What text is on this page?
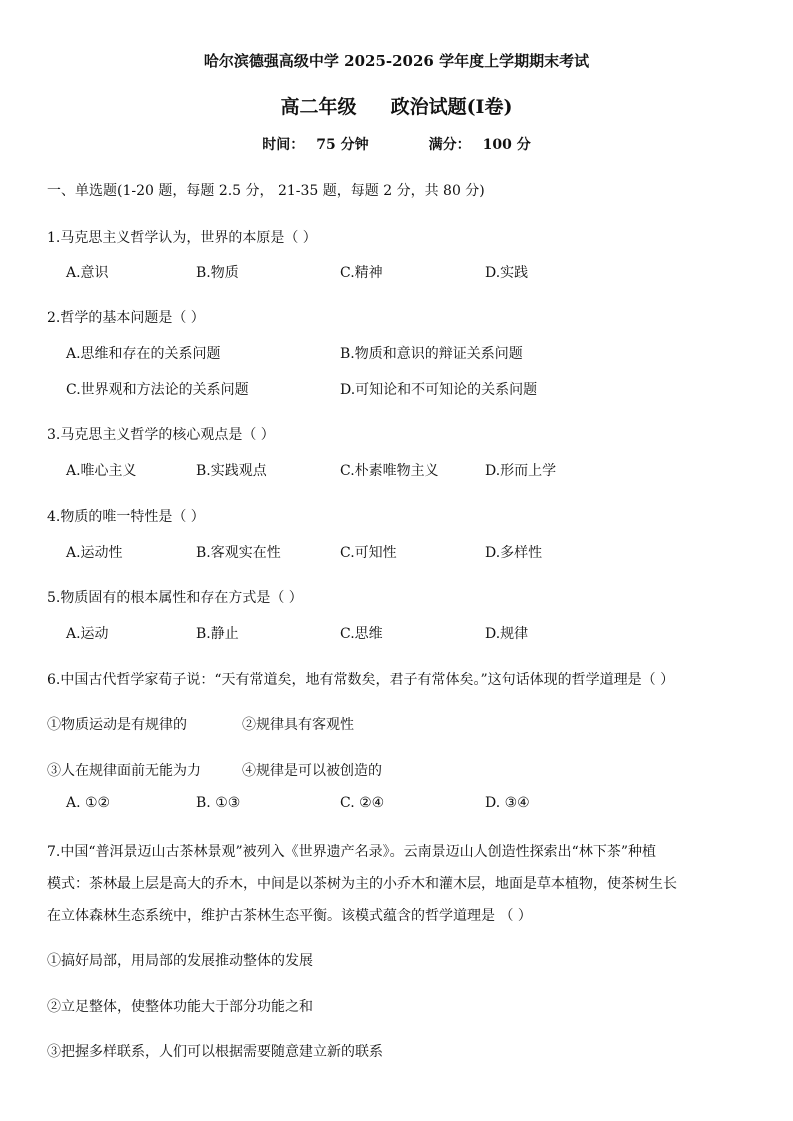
哈尔滨德强高级中学 2025-2026 学年度上学期期末考试
高二年级 政治试题(Ⅰ卷)
时间： 75 分钟	满分： 100 分
一、单选题(1-20 题，每题 2.5 分， 21-35 题，每题 2 分，共 80 分)
1.马克思主义哲学认为，世界的本原是（ ）
A.意识	B.物质	C.精神	D.实践
2.哲学的基本问题是（ ）
A.思维和存在的关系问题	B.物质和意识的辩证关系问题
C.世界观和方法论的关系问题	D.可知论和不可知论的关系问题
3.马克思主义哲学的核心观点是（ ）
A.唯心主义	B.实践观点	C.朴素唯物主义	D.形而上学
4.物质的唯一特性是（ ）
A.运动性	B.客观实在性	C.可知性	D.多样性
5.物质固有的根本属性和存在方式是（ ）
A.运动	B.静止	C.思维	D.规律
6.中国古代哲学家荀子说：“天有常道矣，地有常数矣，君子有常体矣。”这句话体现的哲学道理是（ ）
①物质运动是有规律的	②规律具有客观性
③人在规律面前无能为力	④规律是可以被创造的
A. ①②	B. ①③	C. ②④	D. ③④
7.中国“普洱景迈山古茶林景观”被列入《世界遗产名录》。云南景迈山人创造性探索出“林下茶”种植
模式：茶林最上层是高大的乔木，中间是以茶树为主的小乔木和灌木层，地面是草本植物，使茶树生长
在立体森林生态系统中，维护古茶林生态平衡。该模式蕴含的哲学道理是 （ ）
①搞好局部，用局部的发展推动整体的发展
②立足整体，使整体功能大于部分功能之和
③把握多样联系，人们可以根据需要随意建立新的联系
